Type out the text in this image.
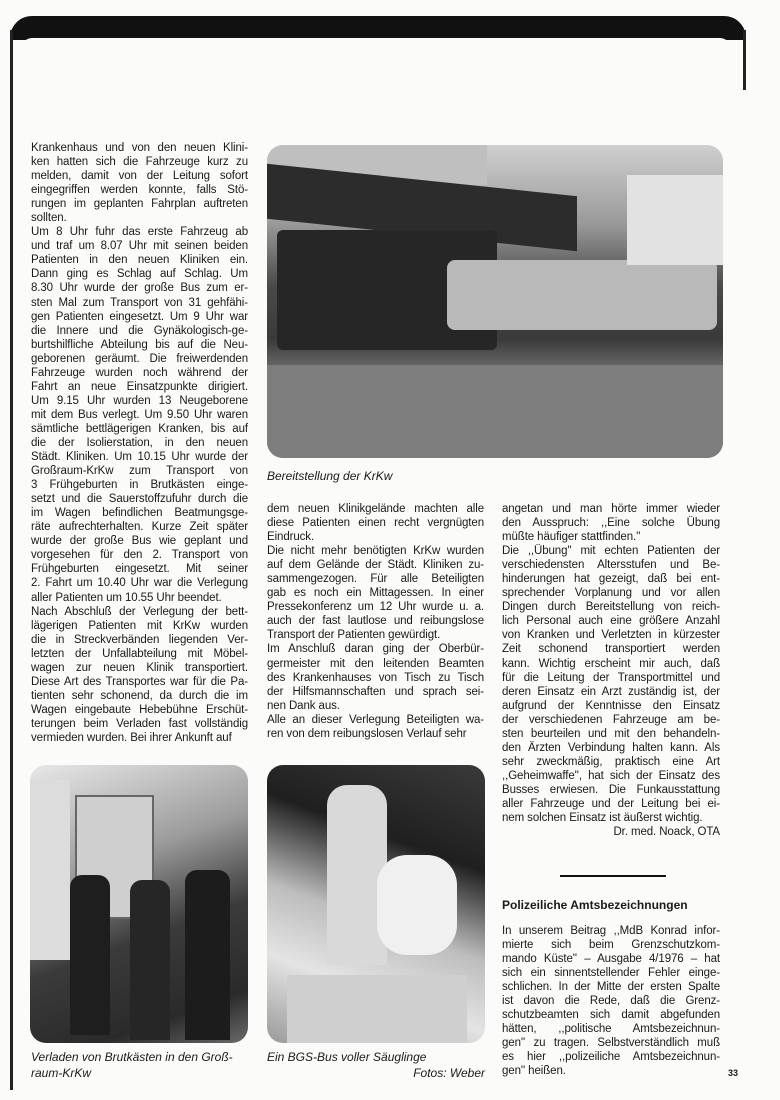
Bereitstellung der KrKw
Krankenhaus und von den neuen Klini-
ken hatten sich die Fahrzeuge kurz zu
melden, damit von der Leitung sofort
eingegriffen werden konnte, falls Stö-
rungen im geplanten Fahrplan auftreten
sollten.
Um 8 Uhr fuhr das erste Fahrzeug ab
und traf um 8.07 Uhr mit seinen beiden
Patienten in den neuen Kliniken ein.
Dann ging es Schlag auf Schlag. Um
8.30 Uhr wurde der große Bus zum er-
sten Mal zum Transport von 31 gehfähi-
gen Patienten eingesetzt. Um 9 Uhr war
die Innere und die Gynäkologisch-ge-
burtshilfliche Abteilung bis auf die Neu-
geborenen geräumt. Die freiwerdenden
Fahrzeuge wurden noch während der
Fahrt an neue Einsatzpunkte dirigiert.
Um 9.15 Uhr wurden 13 Neugeborene
mit dem Bus verlegt. Um 9.50 Uhr waren
sämtliche bettlägerigen Kranken, bis auf
die der Isolierstation, in den neuen
Städt. Kliniken. Um 10.15 Uhr wurde der
Großraum-KrKw zum Transport von
3 Frühgeburten in Brutkästen einge-
setzt und die Sauerstoffzufuhr durch die
im Wagen befindlichen Beatmungsge-
räte aufrechterhalten. Kurze Zeit später
wurde der große Bus wie geplant und
vorgesehen für den 2. Transport von
Frühgeburten eingesetzt. Mit seiner
2. Fahrt um 10.40 Uhr war die Verlegung
aller Patienten um 10.55 Uhr beendet.
Nach Abschluß der Verlegung der bett-
lägerigen Patienten mit KrKw wurden
die in Streckverbänden liegenden Ver-
letzten der Unfallabteilung mit Möbel-
wagen zur neuen Klinik transportiert.
Diese Art des Transportes war für die Pa-
tienten sehr schonend, da durch die im
Wagen eingebaute Hebebühne Erschüt-
terungen beim Verladen fast vollständig
vermieden wurden. Bei ihrer Ankunft auf
dem neuen Klinikgelände machten alle
diese Patienten einen recht vergnügten
Eindruck.
Die nicht mehr benötigten KrKw wurden
auf dem Gelände der Städt. Kliniken zu-
sammengezogen. Für alle Beteiligten
gab es noch ein Mittagessen. In einer
Pressekonferenz um 12 Uhr wurde u. a.
auch der fast lautlose und reibungslose
Transport der Patienten gewürdigt.
Im Anschluß daran ging der Oberbür-
germeister mit den leitenden Beamten
des Krankenhauses von Tisch zu Tisch
der Hilfsmannschaften und sprach sei-
nen Dank aus.
Alle an dieser Verlegung Beteiligten wa-
ren von dem reibungslosen Verlauf sehr
angetan und man hörte immer wieder
den Ausspruch: ,,Eine solche Übung
müßte häufiger stattfinden.''
Die ,,Übung'' mit echten Patienten der
verschiedensten Altersstufen und Be-
hinderungen hat gezeigt, daß bei ent-
sprechender Vorplanung und vor allen
Dingen durch Bereitstellung von reich-
lich Personal auch eine größere Anzahl
von Kranken und Verletzten in kürzester
Zeit schonend transportiert werden
kann. Wichtig erscheint mir auch, daß
für die Leitung der Transportmittel und
deren Einsatz ein Arzt zuständig ist, der
aufgrund der Kenntnisse den Einsatz
der verschiedenen Fahrzeuge am be-
sten beurteilen und mit den behandeln-
den Ärzten Verbindung halten kann. Als
sehr zweckmäßig, praktisch eine Art
,,Geheimwaffe'', hat sich der Einsatz des
Busses erwiesen. Die Funkausstattung
aller Fahrzeuge und der Leitung bei ei-
nem solchen Einsatz ist äußerst wichtig.
Dr. med. Noack, OTA
Verladen von Brutkästen in den Groß-
raum-KrKw
Ein BGS-Bus voller Säuglinge
Fotos: Weber
Polizeiliche Amtsbezeichnungen
In unserem Beitrag ,,MdB Konrad infor-
mierte sich beim Grenzschutzkom-
mando Küste'' – Ausgabe 4/1976 – hat
sich ein sinnentstellender Fehler einge-
schlichen. In der Mitte der ersten Spalte
ist davon die Rede, daß die Grenz-
schutzbeamten sich damit abgefunden
hätten, ,,politische Amtsbezeichnun-
gen'' zu tragen. Selbstverständlich muß
es hier ,,polizeiliche Amtsbezeichnun-
gen'' heißen.	33
